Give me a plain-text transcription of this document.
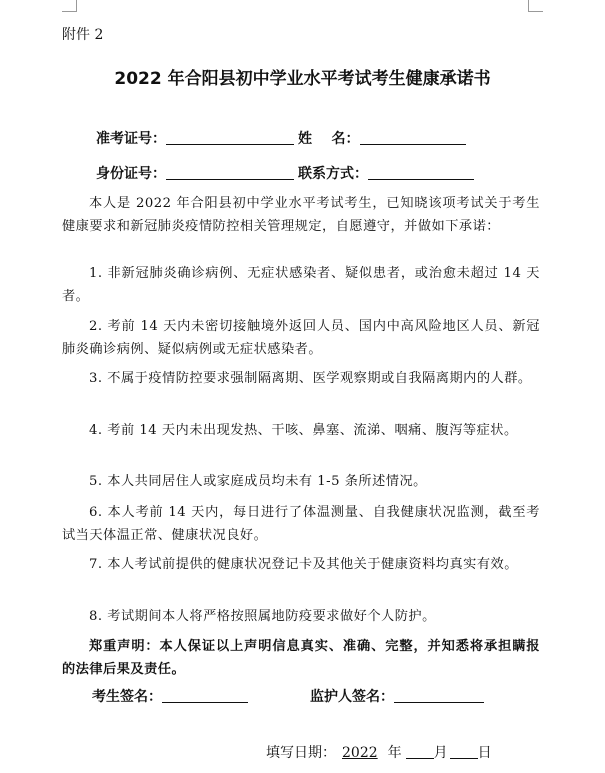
附件 2
2022 年合阳县初中学业水平考试考生健康承诺书
准考证号：	姓    名：
身份证号：	联系方式：
本人是 2022 年合阳县初中学业水平考试考生，已知晓该项考试关于考生健康要求和新冠肺炎疫情防控相关管理规定，自愿遵守，并做如下承诺：
1. 非新冠肺炎确诊病例、无症状感染者、疑似患者，或治愈未超过 14 天者。
2. 考前 14 天内未密切接触境外返回人员、国内中高风险地区人员、新冠肺炎确诊病例、疑似病例或无症状感染者。
3. 不属于疫情防控要求强制隔离期、医学观察期或自我隔离期内的人群。
4. 考前 14 天内未出现发热、干咳、鼻塞、流涕、咽痛、腹泻等症状。
5. 本人共同居住人或家庭成员均未有 1-5 条所述情况。
6. 本人考前 14 天内，每日进行了体温测量、自我健康状况监测，截至考试当天体温正常、健康状况良好。
7. 本人考试前提供的健康状况登记卡及其他关于健康资料均真实有效。
8. 考试期间本人将严格按照属地防疫要求做好个人防护。
郑重声明：本人保证以上声明信息真实、准确、完整，并知悉将承担瞒报的法律后果及责任。
考生签名：	监护人签名：
填写日期： 2022 年 月 日
